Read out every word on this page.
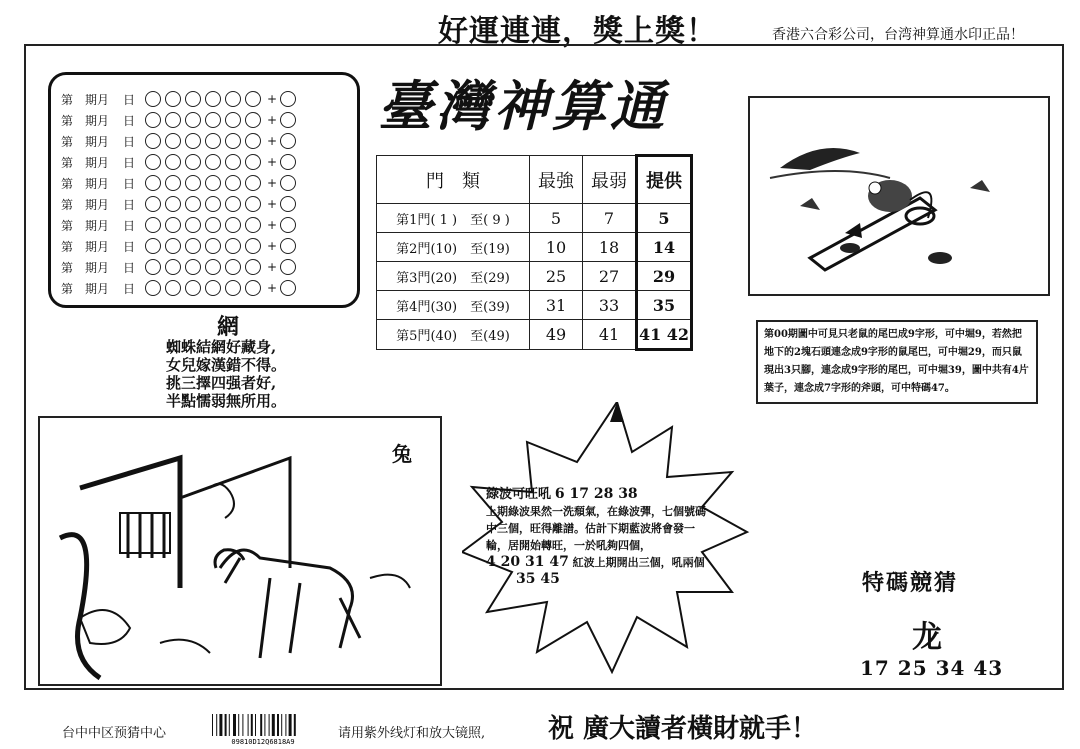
好運連連，獎上獎！	香港六合彩公司，台湾神算通水印正品！
第　期 月	日	+
第　期 月	日	+
第　期 月	日	+
第　期 月	日	+
第　期 月	日	+
第　期 月	日	+
第　期 月	日	+
第　期 月	日	+
第　期 月	日	+
第　期 月	日	+
臺灣神算通
門　類	最強	最弱	提供
第1門( 1 )　至( 9 )	5	7	5
第2門(10)　至(19)	10	18	14
第3門(20)　至(29)	25	27	29
第4門(30)　至(39)	31	33	35
第5門(40)　至(49)	49	41	41 42
網
蜘蛛結網好藏身,
女兒嫁漢錯不得。
挑三擇四强者好,
半點懦弱無所用。
第00期圖中可見只老鼠的尾巴成9字形，可中堀9，若然把地下的2塊石頭連念成9字形的鼠尾巴，可中堀29，而只鼠現出3只腳，連念成9字形的尾巴，可中堀39，圖中共有4片葉子，連念成7字形的斧頭，可中特碼47。
兔
綠波可旺吼 6 17 28 38
上期綠波果然一洗頹氣，在綠波彈，七個號碼中三個，旺得離譜。估計下期藍波將會發一輪，居開始轉旺，一於吼夠四個，
4 20 31 47 紅波上期開出三個，吼兩個
35 45	特碼競猜
龙
17 25 34 43
台中中区预猜中心
09810D12Q6818A9
请用紫外线灯和放大镜照, 祝 廣大讀者橫財就手！
